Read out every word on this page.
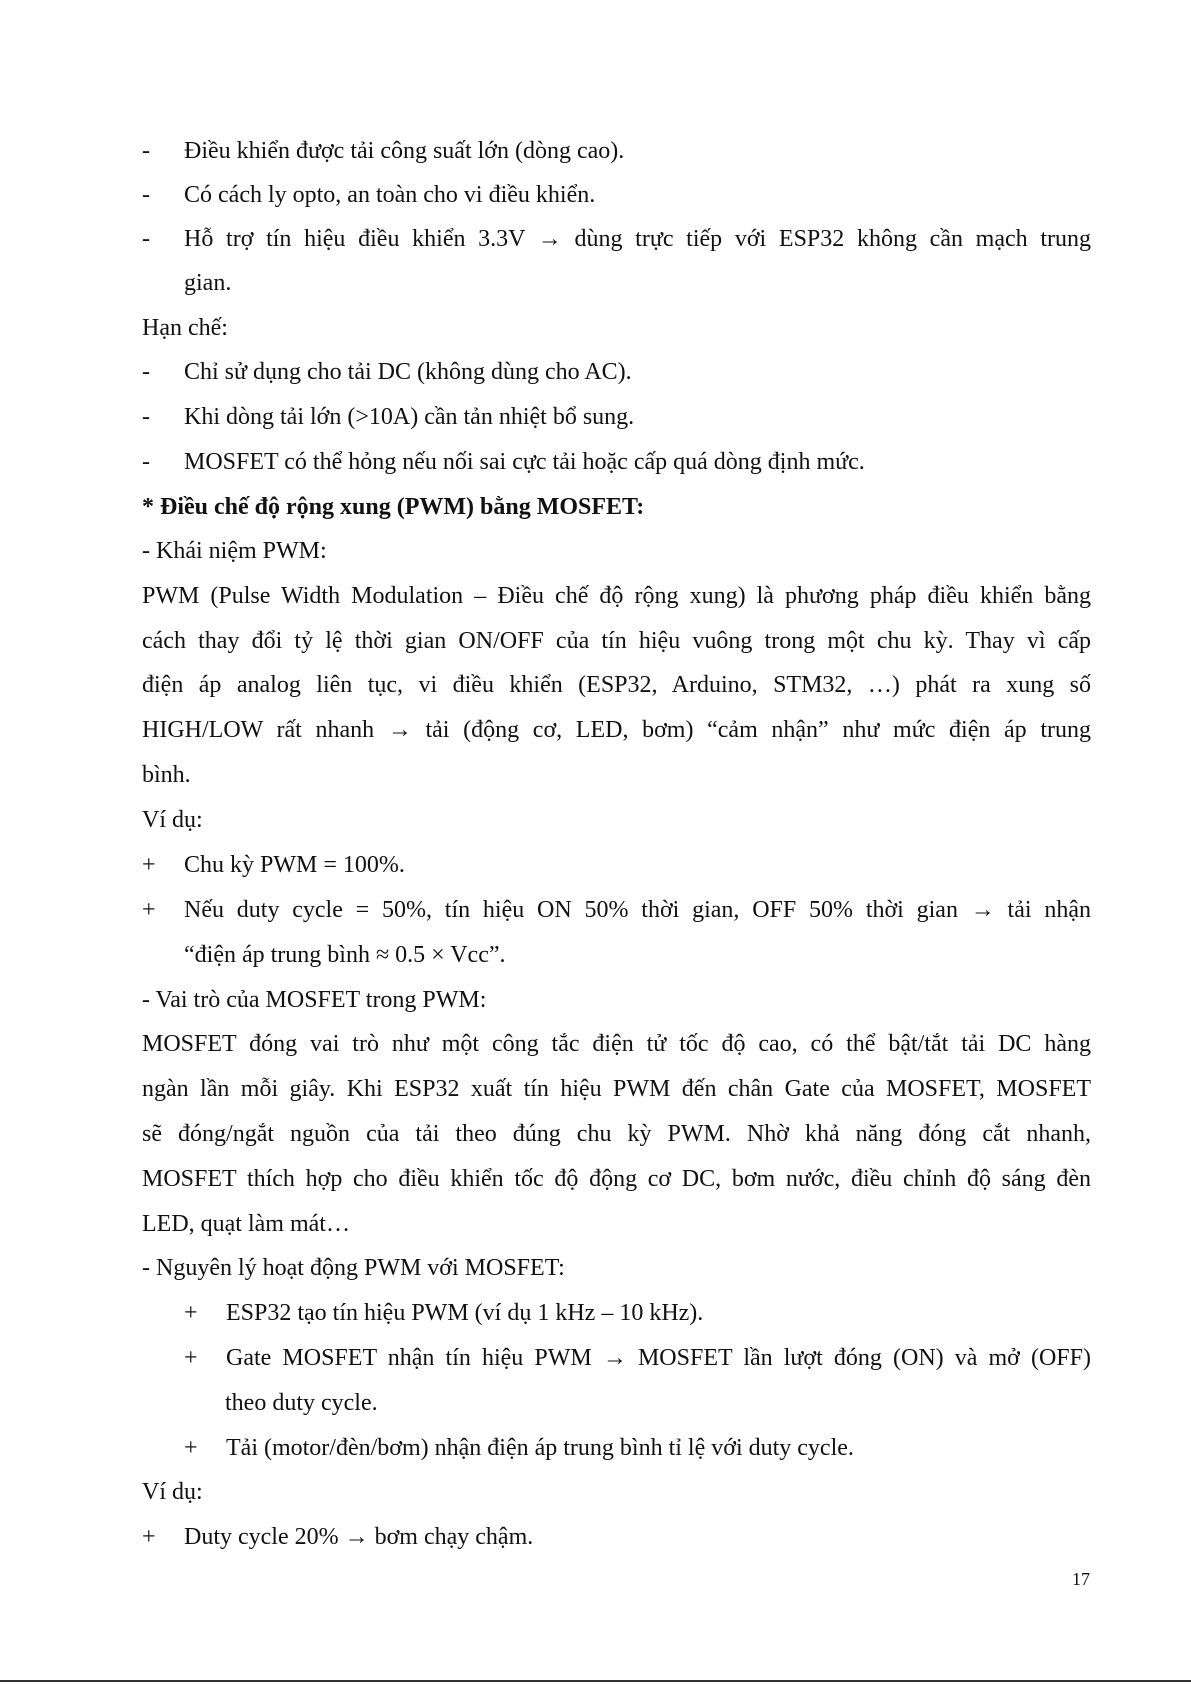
- Điều khiển được tải công suất lớn (dòng cao).
- Có cách ly opto, an toàn cho vi điều khiển.
- Hỗ trợ tín hiệu điều khiển 3.3V → dùng trực tiếp với ESP32 không cần mạch trung
gian.
Hạn chế:
- Chỉ sử dụng cho tải DC (không dùng cho AC).
- Khi dòng tải lớn (>10A) cần tản nhiệt bổ sung.
- MOSFET có thể hỏng nếu nối sai cực tải hoặc cấp quá dòng định mức.
* Điều chế độ rộng xung (PWM) bằng MOSFET:
- Khái niệm PWM:
PWM (Pulse Width Modulation – Điều chế độ rộng xung) là phương pháp điều khiển bằng
cách thay đổi tỷ lệ thời gian ON/OFF của tín hiệu vuông trong một chu kỳ. Thay vì cấp
điện áp analog liên tục, vi điều khiển (ESP32, Arduino, STM32, …) phát ra xung số
HIGH/LOW rất nhanh → tải (động cơ, LED, bơm) “cảm nhận” như mức điện áp trung
bình.
Ví dụ:
+ Chu kỳ PWM = 100%.
+ Nếu duty cycle = 50%, tín hiệu ON 50% thời gian, OFF 50% thời gian → tải nhận
“điện áp trung bình ≈ 0.5 × Vcc”.
- Vai trò của MOSFET trong PWM:
MOSFET đóng vai trò như một công tắc điện tử tốc độ cao, có thể bật/tắt tải DC hàng
ngàn lần mỗi giây. Khi ESP32 xuất tín hiệu PWM đến chân Gate của MOSFET, MOSFET
sẽ đóng/ngắt nguồn của tải theo đúng chu kỳ PWM. Nhờ khả năng đóng cắt nhanh,
MOSFET thích hợp cho điều khiển tốc độ động cơ DC, bơm nước, điều chỉnh độ sáng đèn
LED, quạt làm mát…
- Nguyên lý hoạt động PWM với MOSFET:
+ ESP32 tạo tín hiệu PWM (ví dụ 1 kHz – 10 kHz).
+ Gate MOSFET nhận tín hiệu PWM → MOSFET lần lượt đóng (ON) và mở (OFF)
theo duty cycle.
+ Tải (motor/đèn/bơm) nhận điện áp trung bình tỉ lệ với duty cycle.
Ví dụ:
+ Duty cycle 20% → bơm chạy chậm.
17
